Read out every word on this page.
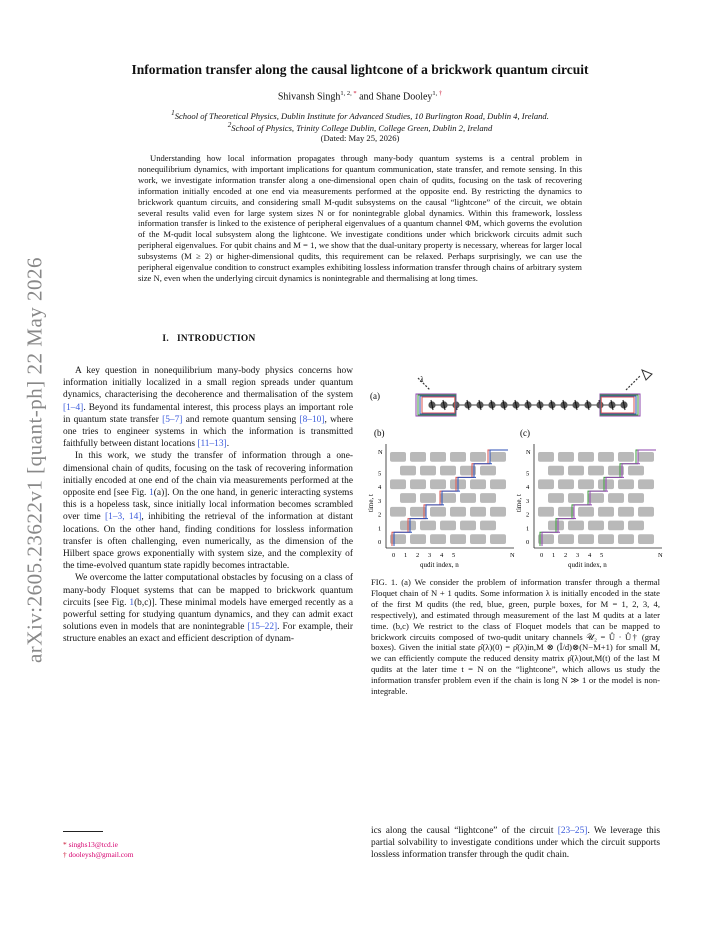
arXiv:2605.23622v1 [quant-ph] 22 May 2026
Information transfer along the causal lightcone of a brickwork quantum circuit
Shivansh Singh$^{1, 2, *}$ and Shane Dooley$^{1, \dagger}$
$^1$School of Theoretical Physics, Dublin Institute for Advanced Studies, 10 Burlington Road, Dublin 4, Ireland.
$^2$School of Physics, Trinity College Dublin, College Green, Dublin 2, Ireland
(Dated: May 25, 2026)
Understanding how local information propagates through many-body quantum systems is a central problem in nonequilibrium dynamics, with important implications for quantum communication, state transfer, and remote sensing. In this work, we investigate information transfer along a one-dimensional open chain of qudits, focusing on the task of recovering information initially encoded at one end via measurements performed at the opposite end. By restricting the dynamics to brickwork quantum circuits, and considering small M-qudit subsystems on the causal “lightcone” of the circuit, we obtain several results valid even for large system sizes N or for nonintegrable global dynamics. Within this framework, lossless information transfer is linked to the existence of peripheral eigenvalues of a quantum channel ΦM, which governs the evolution of the M-qudit local subsystem along the lightcone. We investigate conditions under which brickwork circuits admit such peripheral eigenvalues. For qubit chains and M = 1, we show that the dual-unitary property is necessary, whereas for larger local subsystems (M ≥ 2) or higher-dimensional qudits, this requirement can be relaxed. Perhaps surprisingly, we can use the peripheral eigenvalue condition to construct examples exhibiting lossless information transfer through chains of arbitrary system size N, even when the underlying circuit dynamics is nonintegrable and thermalising at long times.
I. INTRODUCTION

A key question in nonequilibrium many-body physics concerns how information initially localized in a small region spreads under quantum dynamics, characterising the decoherence and thermalisation of the system [1–4]. Beyond its fundamental interest, this process plays an important role in quantum state transfer [5–7] and remote quantum sensing [8–10], where one tries to engineer systems in which the information is transmitted faithfully between distant locations [11–13].

In this work, we study the transfer of information through a one-dimensional chain of qudits, focusing on the task of recovering information initially encoded at one end of the chain via measurements performed at the opposite end [see Fig. 1(a)]. On the one hand, in generic interacting systems this is a hopeless task, since initially local information becomes scrambled over time [1–3, 14], inhibiting the retrieval of the information at distant locations. On the other hand, finding conditions for lossless information transfer is often challenging, even numerically, as the dimension of the Hilbert space grows exponentially with system size, and the complexity of the time-evolved quantum state rapidly becomes intractable.

We overcome the latter computational obstacles by focusing on a class of many-body Floquet systems that can be mapped to brickwork quantum circuits [see Fig. 1(b,c)]. These minimal models have emerged recently as a powerful setting for studying quantum dynamics, and they can admit exact solutions even in models that are nonintegrable [15–22]. For example, their structure enables an exact and efficient description of dynam-

* singhs13@tcd.ie
† dooleysh@gmail.com
(a)
(b)	(c)
λ
0 1 2 3 4 5	N
0
1
2
3
4
5
N
qudit index, n
time, t
0 1 2 3 4 5	N
0
1
2
3
4
5
N
qudit index, n
time, t
FIG. 1. (a) We consider the problem of information transfer through a thermal Floquet chain of N + 1 qudits. Some information λ is initially encoded in the state of the first M qudits (the red, blue, green, purple boxes, for M = 1, 2, 3, 4, respectively), and estimated through measurement of the last M qudits at a later time. (b,c) We restrict to the class of Floquet models that can be mapped to brickwork circuits composed of two-qudit unitary channels 𝒰₂ = Û · Û† (gray boxes). Given the initial state ρ̂(λ)(0) = ρ̂(λ)in,M ⊗ (Î/d)⊗(N−M+1) for small M, we can efficiently compute the reduced density matrix ρ̂(λ)out,M(t) of the last M qudits at the later time t = N on the “lightcone”, which allows us study the information transfer problem even if the chain is long N ≫ 1 or the model is non-integrable.
ics along the causal “lightcone” of the circuit [23–25]. We leverage this partial solvability to investigate conditions under which the circuit supports lossless information transfer through the qudit chain.
